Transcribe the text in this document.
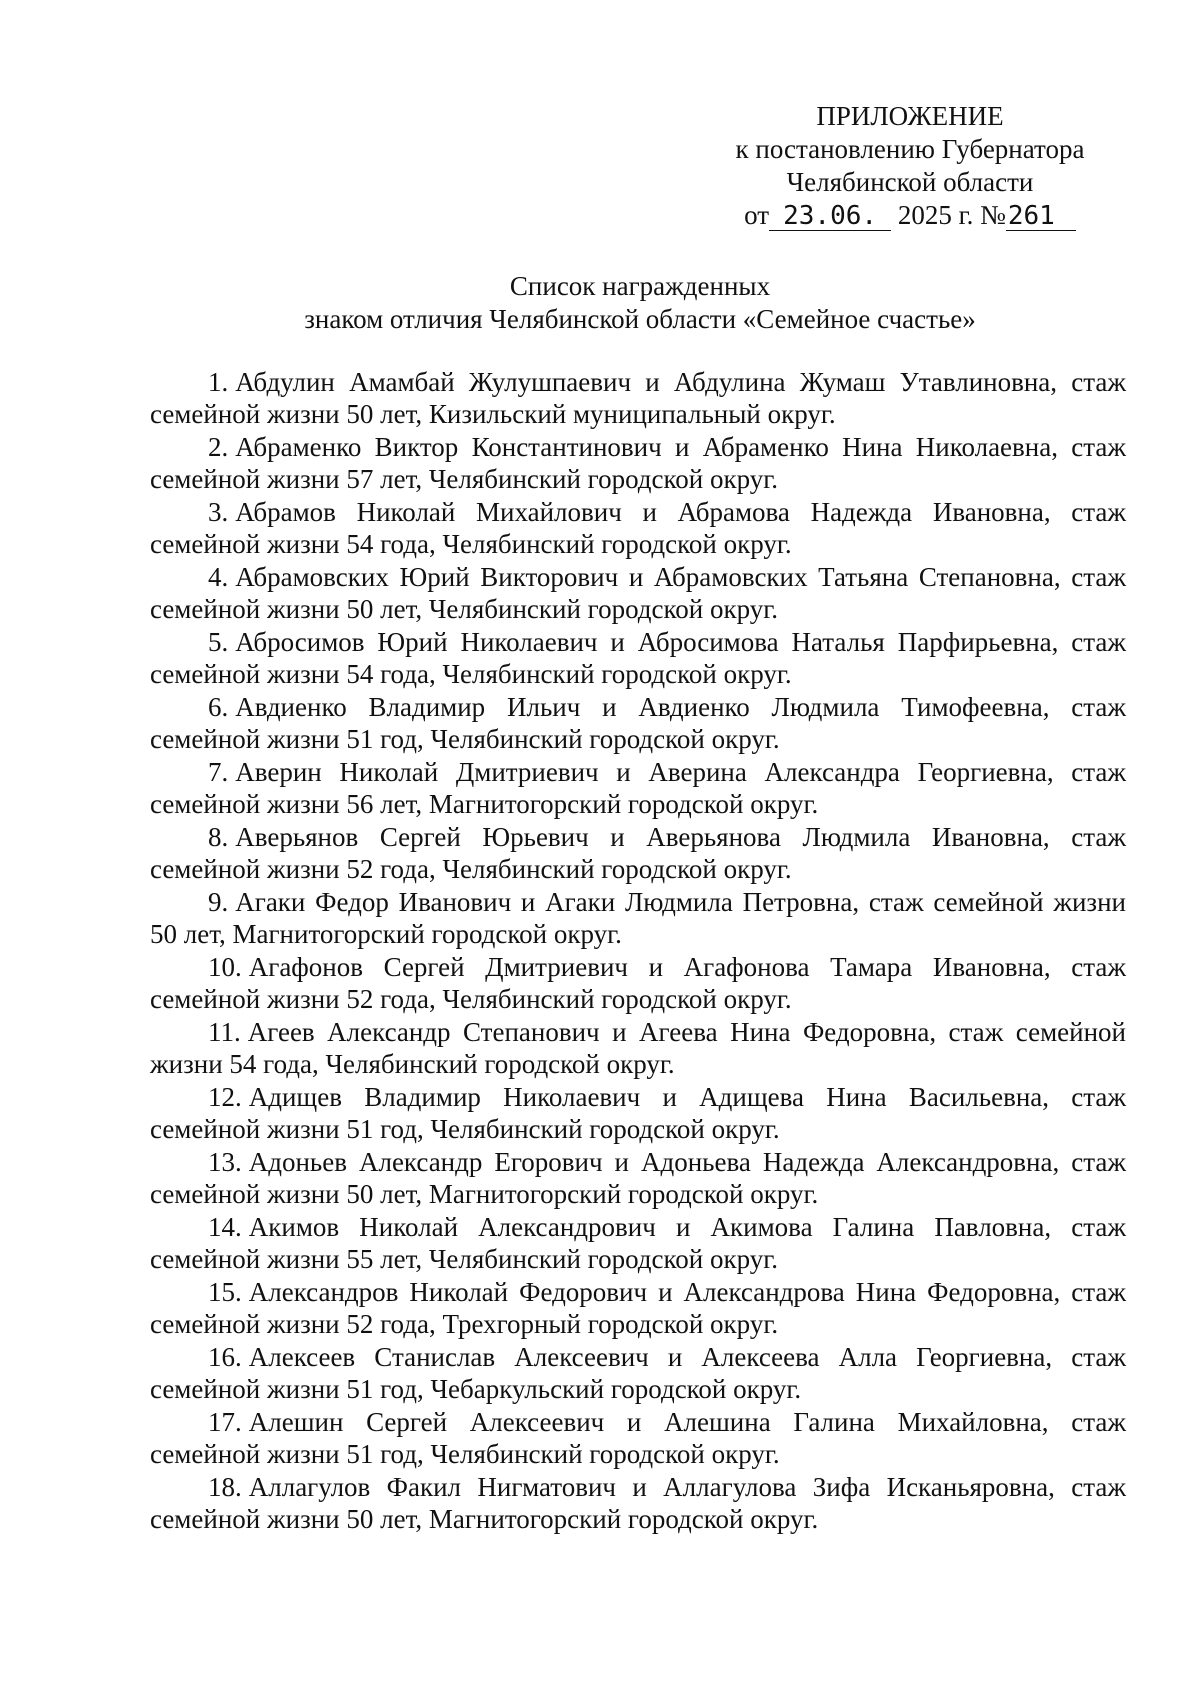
ПРИЛОЖЕНИЕ
к постановлению Губернатора
Челябинской области
от 23.06. 2025 г. №261
Список награжденных
знаком отличия Челябинской области «Семейное счастье»

1. Абдулин Амамбай Жулушпаевич и Абдулина Жумаш Утавлиновна, стаж семейной жизни 50 лет, Кизильский муниципальный округ.

2. Абраменко Виктор Константинович и Абраменко Нина Николаевна, стаж семейной жизни 57 лет, Челябинский городской округ.

3. Абрамов Николай Михайлович и Абрамова Надежда Ивановна, стаж семейной жизни 54 года, Челябинский городской округ.

4. Абрамовских Юрий Викторович и Абрамовских Татьяна Степановна, стаж семейной жизни 50 лет, Челябинский городской округ.

5. Абросимов Юрий Николаевич и Абросимова Наталья Парфирьевна, стаж семейной жизни 54 года, Челябинский городской округ.

6. Авдиенко Владимир Ильич и Авдиенко Людмила Тимофеевна, стаж семейной жизни 51 год, Челябинский городской округ.

7. Аверин Николай Дмитриевич и Аверина Александра Георгиевна, стаж семейной жизни 56 лет, Магнитогорский городской округ.

8. Аверьянов Сергей Юрьевич и Аверьянова Людмила Ивановна, стаж семейной жизни 52 года, Челябинский городской округ.

9. Агаки Федор Иванович и Агаки Людмила Петровна, стаж семейной жизни 50 лет, Магнитогорский городской округ.

10. Агафонов Сергей Дмитриевич и Агафонова Тамара Ивановна, стаж семейной жизни 52 года, Челябинский городской округ.

11. Агеев Александр Степанович и Агеева Нина Федоровна, стаж семейной жизни 54 года, Челябинский городской округ.

12. Адищев Владимир Николаевич и Адищева Нина Васильевна, стаж семейной жизни 51 год, Челябинский городской округ.

13. Адоньев Александр Егорович и Адоньева Надежда Александровна, стаж семейной жизни 50 лет, Магнитогорский городской округ.

14. Акимов Николай Александрович и Акимова Галина Павловна, стаж семейной жизни 55 лет, Челябинский городской округ.

15. Александров Николай Федорович и Александрова Нина Федоровна, стаж семейной жизни 52 года, Трехгорный городской округ.

16. Алексеев Станислав Алексеевич и Алексеева Алла Георгиевна, стаж семейной жизни 51 год, Чебаркульский городской округ.

17. Алешин Сергей Алексеевич и Алешина Галина Михайловна, стаж семейной жизни 51 год, Челябинский городской округ.

18. Аллагулов Факил Нигматович и Аллагулова Зифа Исканьяровна, стаж семейной жизни 50 лет, Магнитогорский городской округ.
